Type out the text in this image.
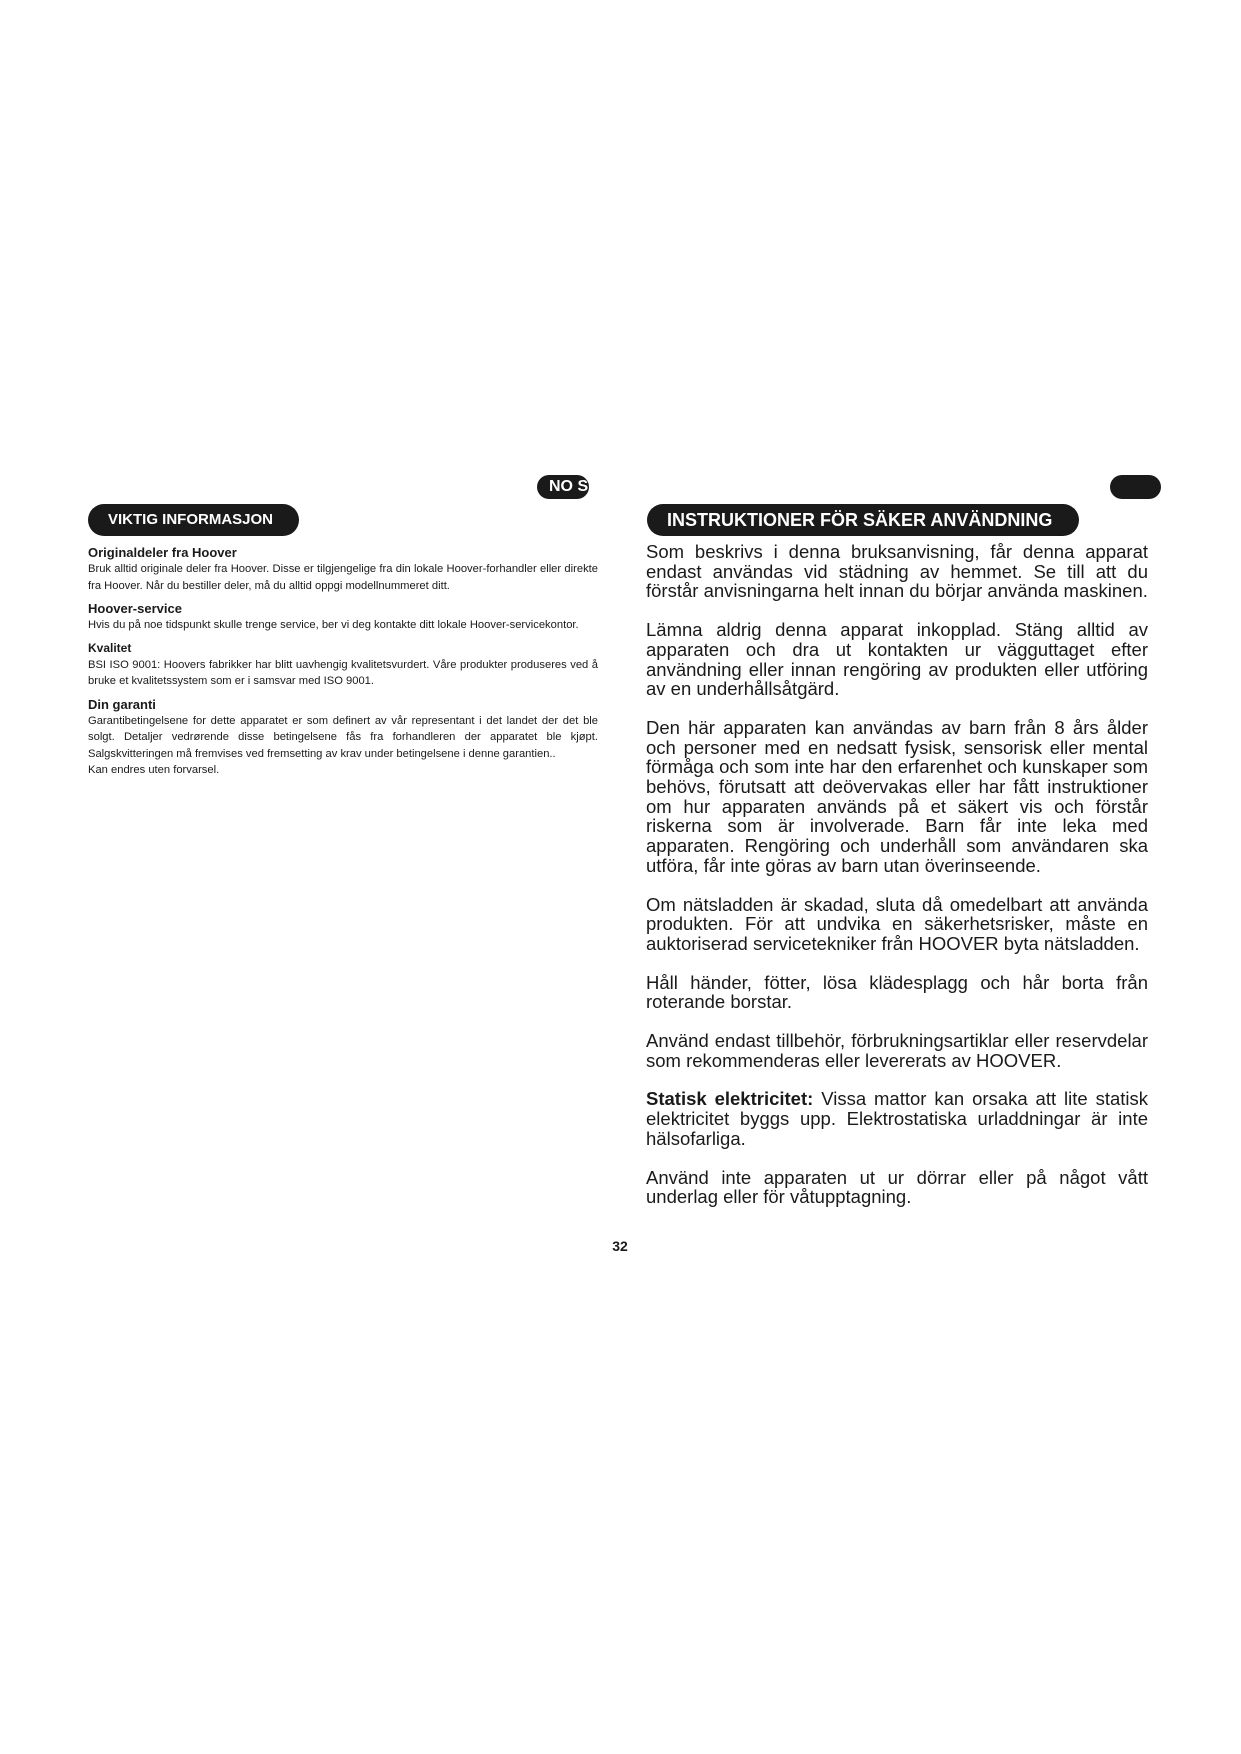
NO S
VIKTIG INFORMASJON
Originaldeler fra Hoover

Bruk alltid originale deler fra Hoover. Disse er tilgjengelige fra din lokale Hoover-forhandler eller direkte fra Hoover. Når du bestiller deler, må du alltid oppgi modellnummeret ditt.

Hoover-service

Hvis du på noe tidspunkt skulle trenge service, ber vi deg kontakte ditt lokale Hoover-servicekontor.

Kvalitet

BSI ISO 9001: Hoovers fabrikker har blitt uavhengig kvalitetsvurdert. Våre produkter produseres ved å bruke et kvalitetssystem som er i samsvar med ISO 9001.

Din garanti

Garantibetingelsene for dette apparatet er som definert av vår representant i det landet der det ble solgt. Detaljer vedrørende disse betingelsene fås fra forhandleren der apparatet ble kjøpt. Salgskvitteringen må fremvises ved fremsetting av krav under betingelsene i denne garantien..

Kan endres uten forvarsel.

INSTRUKTIONER FÖR SÄKER ANVÄNDNING

Som beskrivs i denna bruksanvisning, får denna apparat endast användas vid städning av hemmet. Se till att du förstår anvisningarna helt innan du börjar använda maskinen.

Lämna aldrig denna apparat inkopplad. Stäng alltid av apparaten och dra ut kontakten ur vägguttaget efter användning eller innan rengöring av produkten eller utföring av en underhållsåtgärd.

Den här apparaten kan användas av barn från 8 års ålder och personer med en nedsatt fysisk, sensorisk eller mental förmåga och som inte har den erfarenhet och kunskaper som behövs, förutsatt att deövervakas eller har fått instruktioner om hur apparaten används på et säkert vis och förstår riskerna som är involverade. Barn får inte leka med apparaten. Rengöring och underhåll som användaren ska utföra, får inte göras av barn utan överinseende.

Om nätsladden är skadad, sluta då omedelbart att använda produkten. För att undvika en säkerhetsrisker, måste en auktoriserad servicetekniker från HOOVER byta nätsladden.

Håll händer, fötter, lösa klädesplagg och hår borta från roterande borstar.

Använd endast tillbehör, förbrukningsartiklar eller reservdelar som rekommenderas eller levererats av HOOVER.

Statisk elektricitet: Vissa mattor kan orsaka att lite statisk elektricitet byggs upp. Elektrostatiska urladdningar är inte hälsofarliga.

Använd inte apparaten ut ur dörrar eller på något vått underlag eller för våtupptagning.

32
